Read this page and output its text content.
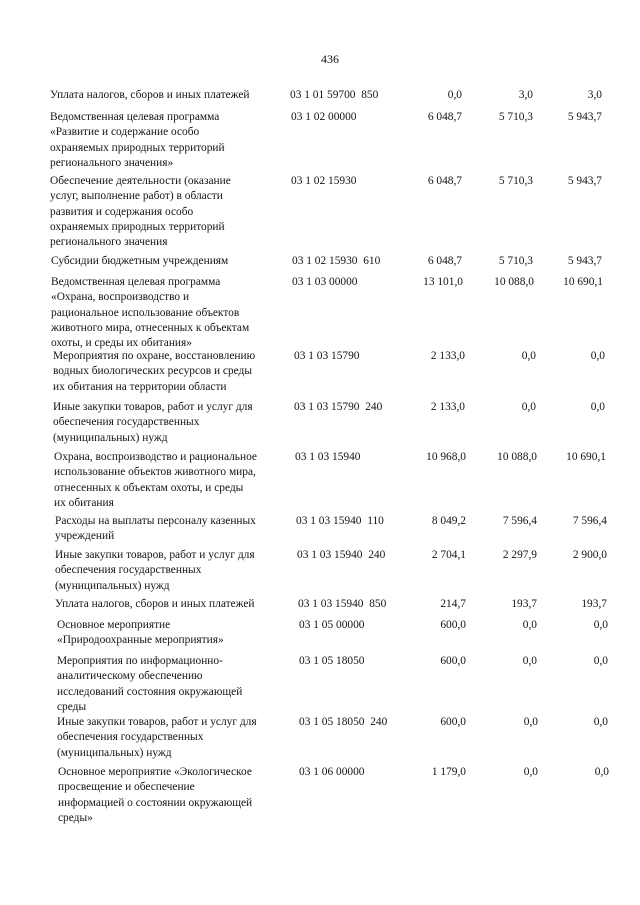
436
Уплата налогов, сборов и иных платежей	03 1 01 59700  850	0,0	3,0	3,0
Ведомственная целевая программа
«Развитие и содержание особо
охраняемых природных территорий
регионального значения»
03 1 02 00000	6 048,7	5 710,3	5 943,7
Обеспечение деятельности (оказание
услуг, выполнение работ) в области
развития и содержания особо
охраняемых природных территорий
регионального значения
03 1 02 15930	6 048,7	5 710,3	5 943,7
Субсидии бюджетным учреждениям	03 1 02 15930  610	6 048,7	5 710,3	5 943,7
Ведомственная целевая программа
«Охрана, воспроизводство и
рациональное использование объектов
животного мира, отнесенных к объектам
охоты, и среды их обитания»
03 1 03 00000	13 101,0	10 088,0	10 690,1
Мероприятия по охране, восстановлению
водных биологических ресурсов и среды
их обитания на территории области
03 1 03 15790	2 133,0	0,0	0,0
Иные закупки товаров, работ и услуг для
обеспечения государственных
(муниципальных) нужд
03 1 03 15790  240	2 133,0	0,0	0,0
Охрана, воспроизводство и рациональное
использование объектов животного мира,
отнесенных к объектам охоты, и среды
их обитания
03 1 03 15940	10 968,0	10 088,0	10 690,1
Расходы на выплаты персоналу казенных
учреждений
03 1 03 15940  110	8 049,2	7 596,4	7 596,4
Иные закупки товаров, работ и услуг для
обеспечения государственных
(муниципальных) нужд
03 1 03 15940  240	2 704,1	2 297,9	2 900,0
Уплата налогов, сборов и иных платежей	03 1 03 15940  850	214,7	193,7	193,7
Основное мероприятие
«Природоохранные мероприятия»
03 1 05 00000	600,0	0,0	0,0
Мероприятия по информационно-
аналитическому обеспечению
исследований состояния окружающей
среды
03 1 05 18050	600,0	0,0	0,0
Иные закупки товаров, работ и услуг для
обеспечения государственных
(муниципальных) нужд
03 1 05 18050  240	600,0	0,0	0,0
Основное мероприятие «Экологическое
просвещение и обеспечение
информацией о состоянии окружающей
среды»
03 1 06 00000	1 179,0	0,0	0,0
